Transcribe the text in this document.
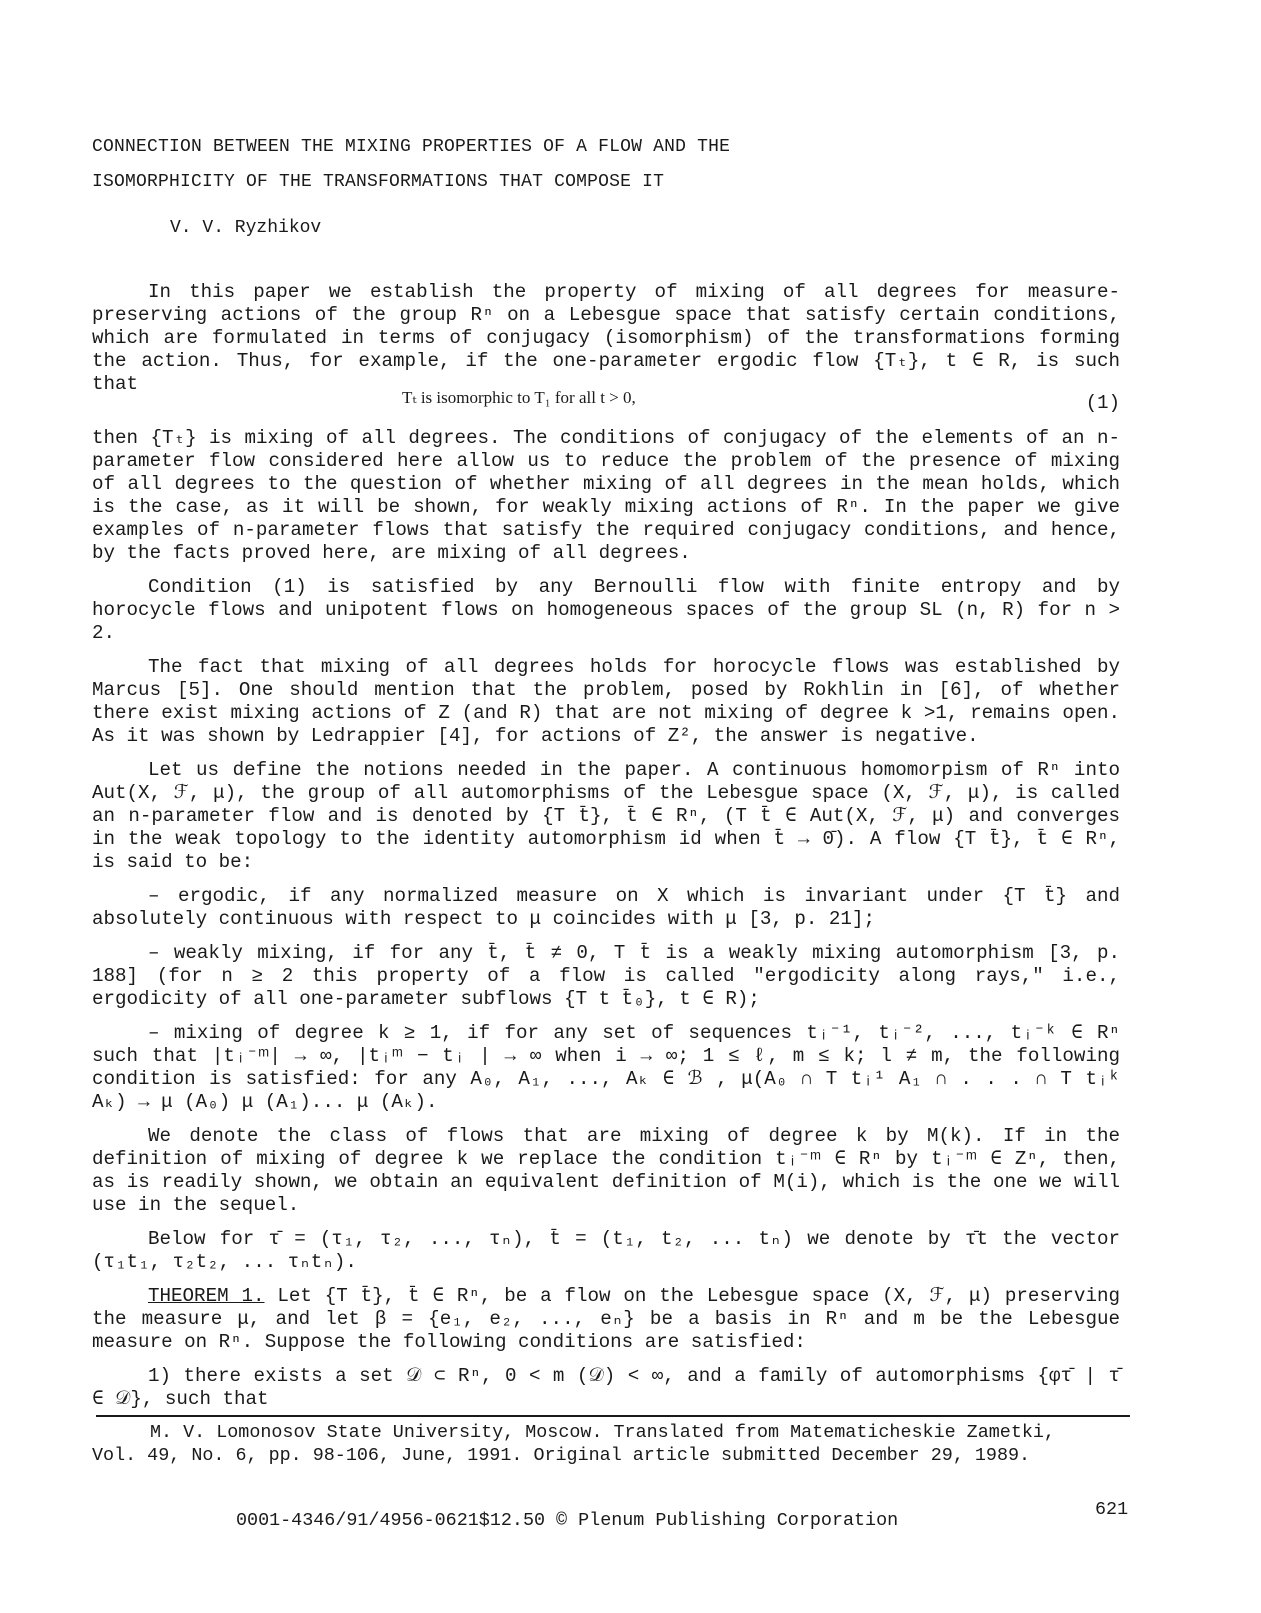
CONNECTION BETWEEN THE MIXING PROPERTIES OF A FLOW AND THE
ISOMORPHICITY OF THE TRANSFORMATIONS THAT COMPOSE IT
V. V. Ryzhikov

In this paper we establish the property of mixing of all degrees for measure-preserving actions of the group Rⁿ on a Lebesgue space that satisfy certain conditions, which are formulated in terms of conjugacy (isomorphism) of the transformations forming the action. Thus, for example, if the one-parameter ergodic flow {Tₜ}, t ∈ R, is such that

Tₜ is isomorphic to T₁ for all t > 0,	(1)

then {Tₜ} is mixing of all degrees. The conditions of conjugacy of the elements of an n-parameter flow considered here allow us to reduce the problem of the presence of mixing of all degrees to the question of whether mixing of all degrees in the mean holds, which is the case, as it will be shown, for weakly mixing actions of Rⁿ. In the paper we give examples of n-parameter flows that satisfy the required conjugacy conditions, and hence, by the facts proved here, are mixing of all degrees.

Condition (1) is satisfied by any Bernoulli flow with finite entropy and by horocycle flows and unipotent flows on homogeneous spaces of the group SL (n, R) for n > 2.

The fact that mixing of all degrees holds for horocycle flows was established by Marcus [5]. One should mention that the problem, posed by Rokhlin in [6], of whether there exist mixing actions of Z (and R) that are not mixing of degree k >1, remains open. As it was shown by Ledrappier [4], for actions of Z², the answer is negative.

Let us define the notions needed in the paper. A continuous homomorpism of Rⁿ into Aut(X, ℱ, μ), the group of all automorphisms of the Lebesgue space (X, ℱ, μ), is called an n-parameter flow and is denoted by {T t̄}, t̄ ∈ Rⁿ, (T t̄ ∈ Aut(X, ℱ, μ) and converges in the weak topology to the identity automorphism id when t̄ → 0̄). A flow {T t̄}, t̄ ∈ Rⁿ, is said to be:

– ergodic, if any normalized measure on X which is invariant under {T t̄} and absolutely continuous with respect to μ coincides with μ [3, p. 21];

– weakly mixing, if for any t̄, t̄ ≠ 0, T t̄ is a weakly mixing automorphism [3, p. 188] (for n ≥ 2 this property of a flow is called "ergodicity along rays," i.e., ergodicity of all one-parameter subflows {T t t̄₀}, t ∈ R);

– mixing of degree k ≥ 1, if for any set of sequences tᵢ⁻¹, tᵢ⁻², ..., tᵢ⁻ᵏ ∈ Rⁿ such that |tᵢ⁻ᵐ| → ∞, |tᵢᵐ − tᵢ | → ∞ when i → ∞; 1 ≤ ℓ, m ≤ k; l ≠ m, the following condition is satisfied: for any A₀, A₁, ..., Aₖ ∈ ℬ , μ(A₀ ∩ T tᵢ¹ A₁ ∩ . . . ∩ T tᵢᵏ Aₖ) → μ (A₀) μ (A₁)... μ (Aₖ).

We denote the class of flows that are mixing of degree k by M(k). If in the definition of mixing of degree k we replace the condition tᵢ⁻ᵐ ∈ Rⁿ by tᵢ⁻ᵐ ∈ Zⁿ, then, as is readily shown, we obtain an equivalent definition of M(i), which is the one we will use in the sequel.

Below for τ̄ = (τ₁, τ₂, ..., τₙ), t̄ = (t₁, t₂, ... tₙ) we denote by τ̄t the vector (τ₁t₁, τ₂t₂, ... τₙtₙ).

THEOREM 1. Let {T t̄}, t̄ ∈ Rⁿ, be a flow on the Lebesgue space (X, ℱ, μ) preserving the measure μ, and let β = {e₁, e₂, ..., eₙ} be a basis in Rⁿ and m be the Lebesgue measure on Rⁿ. Suppose the following conditions are satisfied:

1) there exists a set 𝒟 ⊂ Rⁿ, 0 < m (𝒟) < ∞, and a family of automorphisms {φτ̄ | τ̄ ∈ 𝒟}, such that

M. V. Lomonosov State University, Moscow. Translated from Matematicheskie Zametki,
Vol. 49, No. 6, pp. 98-106, June, 1991. Original article submitted December 29, 1989.
0001-4346/91/4956-0621$12.50 © Plenum Publishing Corporation
621
